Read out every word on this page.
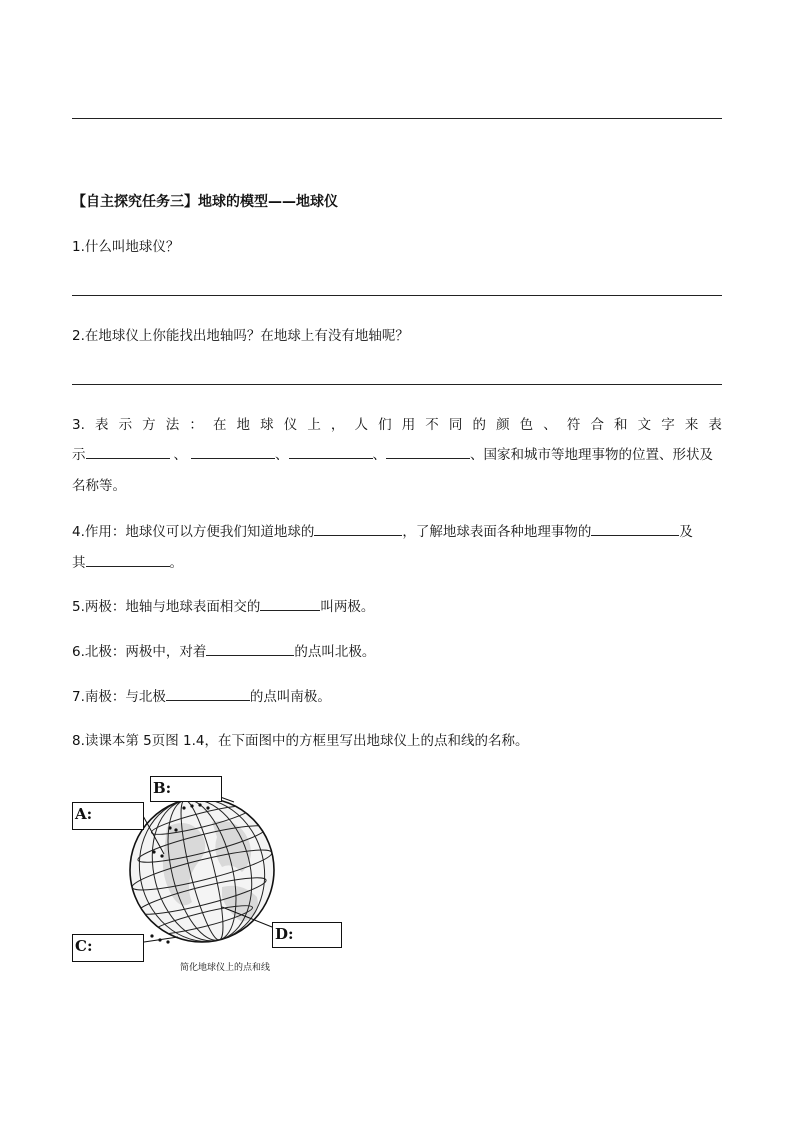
【自主探究任务三】地球的模型——地球仪
1.什么叫地球仪？
2.在地球仪上你能找出地轴吗？在地球上有没有地轴呢？
3. 表 示 方 法 ： 在 地 球 仪 上 ， 人 们 用 不 同 的 颜 色 、 符 合 和 文 字 来 表
示	、	、	、	、国家和城市等地理事物的位置、形状及
名称等。
4.作用：地球仪可以方便我们知道地球的	，了解地球表面各种地理事物的	及
其	。
5.两极：地轴与地球表面相交的	叫两极。
6.北极：两极中，对着	的点叫北极。
7.南极：与北极	的点叫南极。
8.读课本第 5页图 1.4，在下面图中的方框里写出地球仪上的点和线的名称。
A:
B:
C:
D:
简化地球仪上的点和线
